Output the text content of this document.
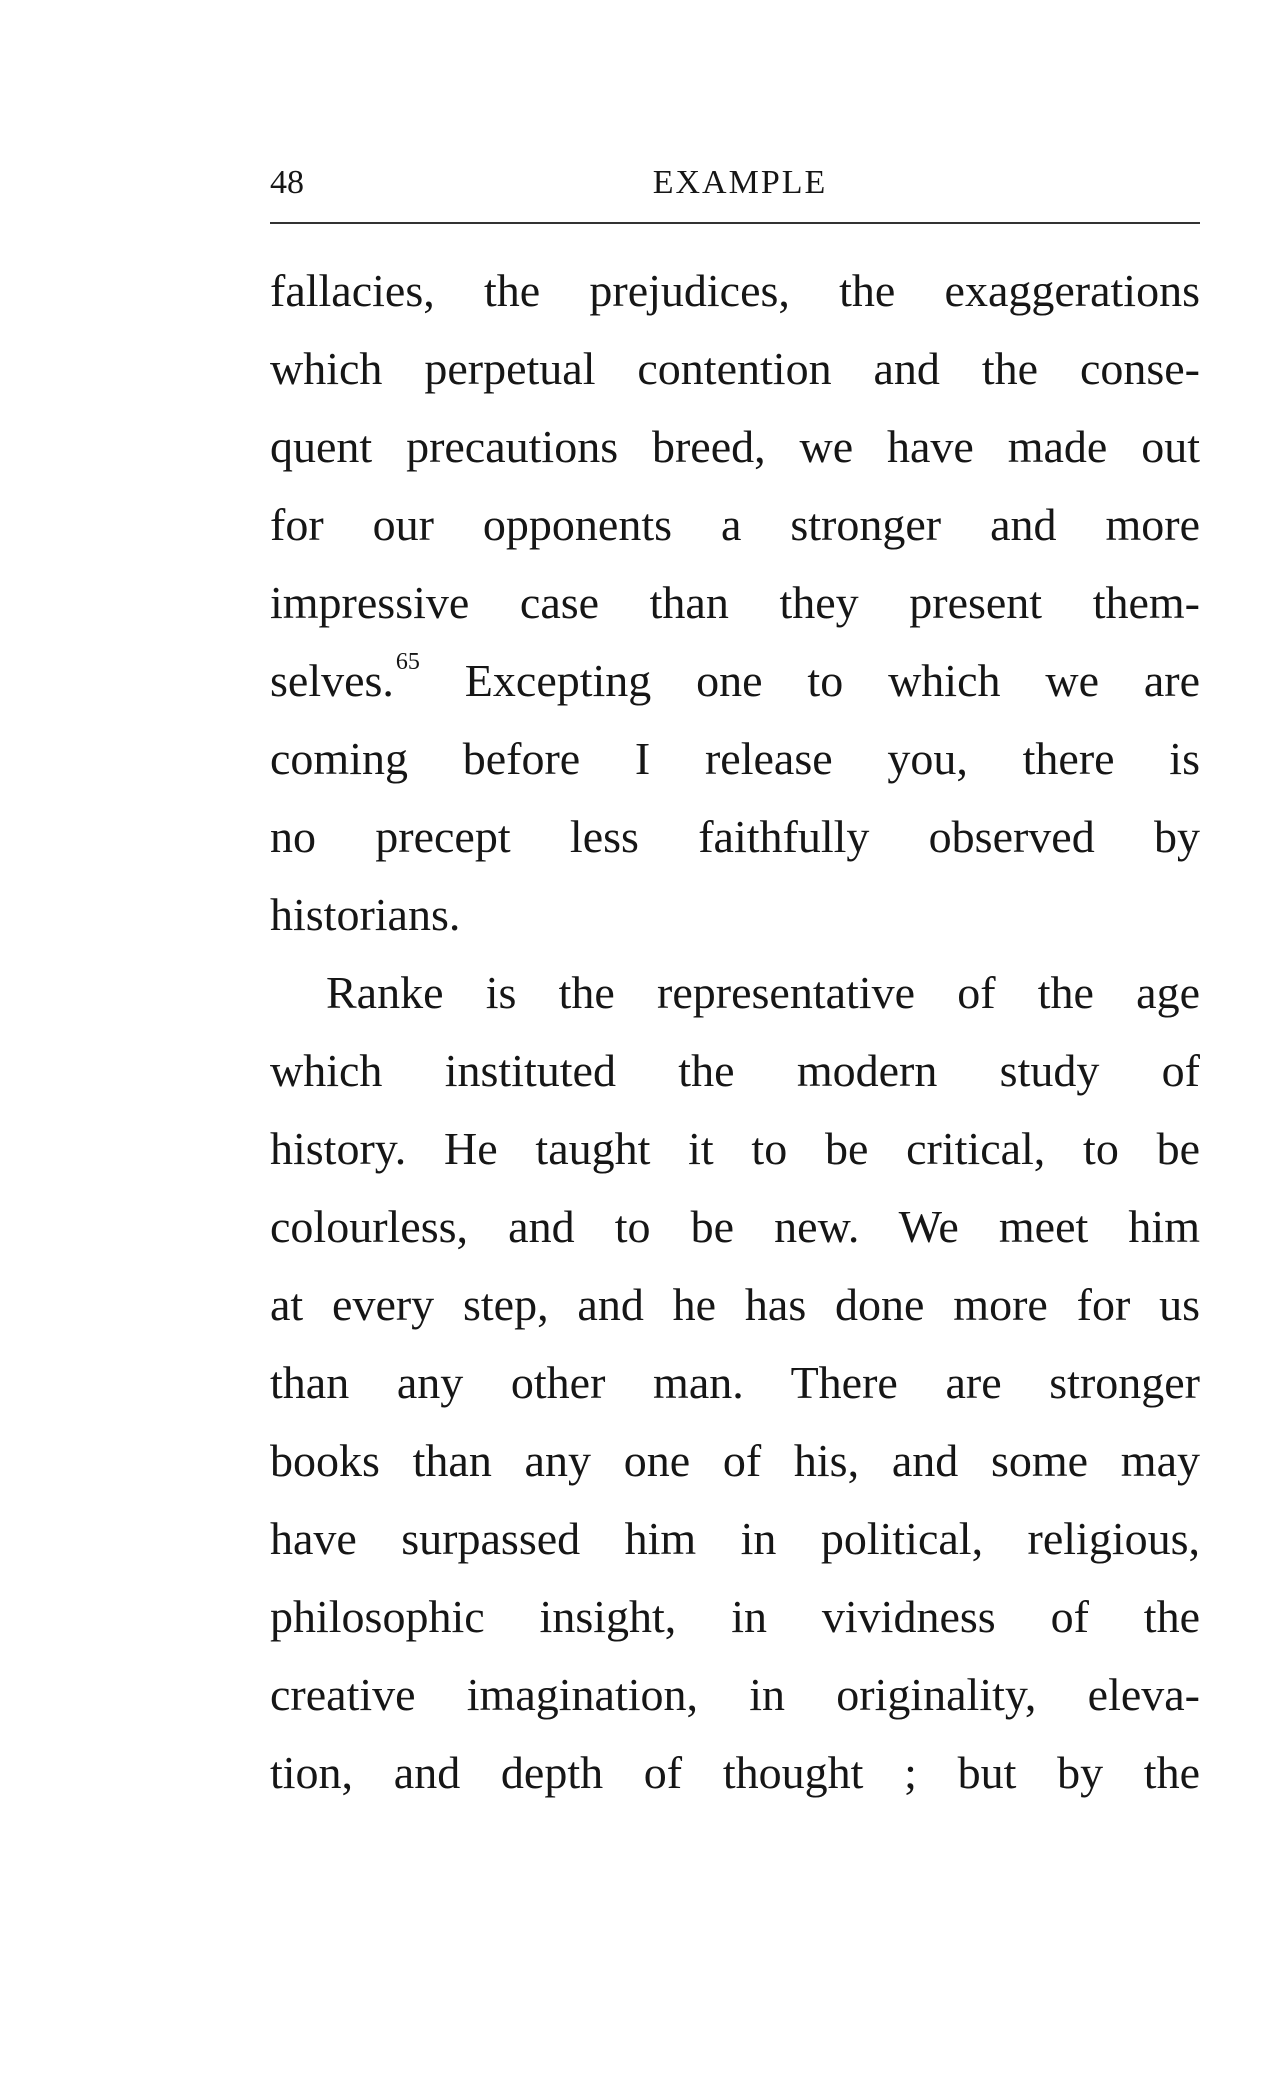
48	EXAMPLE
fallacies, the prejudices, the exaggerations
which perpetual contention and the conse-
quent precautions breed, we have made out
for our opponents a stronger and more
impressive case than they present them-
selves.$^{65}$ Excepting one to which we are
coming before I release you, there is
no precept less faithfully observed by
historians.
Ranke is the representative of the age
which instituted the modern study of
history. He taught it to be critical, to be
colourless, and to be new. We meet him
at every step, and he has done more for us
than any other man. There are stronger
books than any one of his, and some may
have surpassed him in political, religious,
philosophic insight, in vividness of the
creative imagination, in originality, eleva-
tion, and depth of thought ; but by the
